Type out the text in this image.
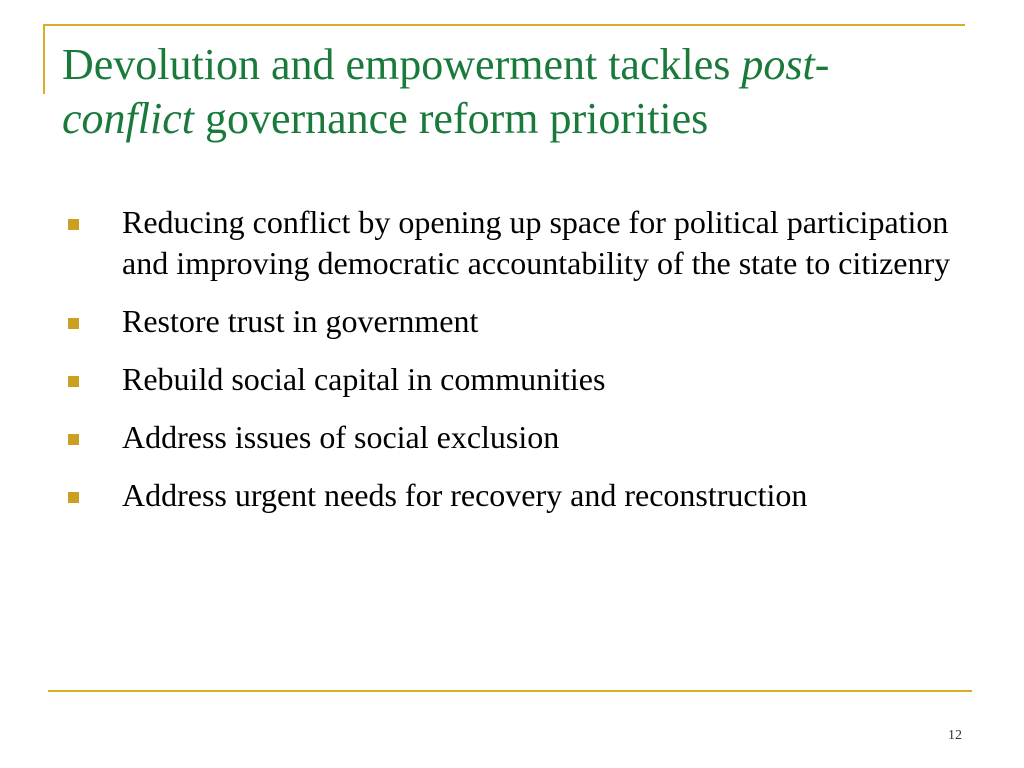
Devolution and empowerment tackles post-
conflict governance reform priorities
Reducing conflict by opening up space for political participation and improving democratic accountability of the state to citizenry
Restore trust in government
Rebuild social capital in communities
Address issues of social exclusion
Address urgent needs for recovery and reconstruction
12
